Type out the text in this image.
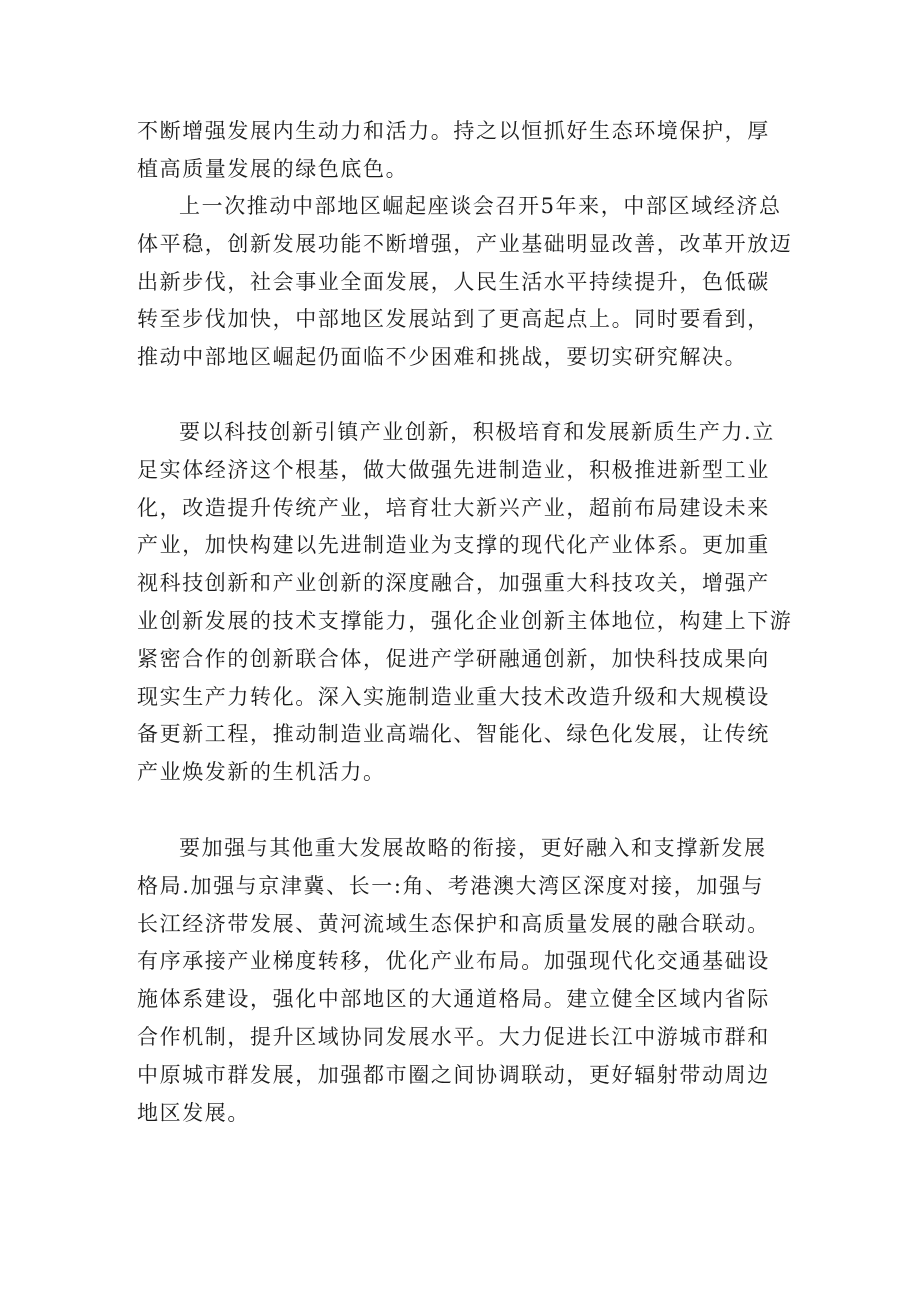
不断增强发展内生动力和活力。持之以恒抓好生态环境保护，厚
植高质量发展的绿色底色。
上一次推动中部地区崛起座谈会召开5年来，中部区域经济总
体平稳，创新发展功能不断增强，产业基础明显改善，改革开放迈
出新步伐，社会事业全面发展，人民生活水平持续提升，色低碳
转至步伐加快，中部地区发展站到了更高起点上。同时要看到，
推动中部地区崛起仍面临不少困难和挑战，要切实研究解决。
要以科技创新引镇产业创新，积极培育和发展新质生产力.立
足实体经济这个根基，做大做强先进制造业，积极推进新型工业
化，改造提升传统产业，培育壮大新兴产业，超前布局建设未来
产业，加快构建以先进制造业为支撑的现代化产业体系。更加重
视科技创新和产业创新的深度融合，加强重大科技攻关，增强产
业创新发展的技术支撑能力，强化企业创新主体地位，构建上下游
紧密合作的创新联合体，促进产学研融通创新，加快科技成果向
现实生产力转化。深入实施制造业重大技术改造升级和大规模设
备更新工程，推动制造业高端化、智能化、绿色化发展，让传统
产业焕发新的生机活力。
要加强与其他重大发展故略的衔接，更好融入和支撑新发展
格局.加强与京津冀、长一:角、考港澳大湾区深度对接，加强与
长江经济带发展、黄河流域生态保护和高质量发展的融合联动。
有序承接产业梯度转移，优化产业布局。加强现代化交通基础设
施体系建设，强化中部地区的大通道格局。建立健全区域内省际
合作机制，提升区域协同发展水平。大力促进长江中游城市群和
中原城市群发展，加强都市圈之间协调联动，更好辐射带动周边
地区发展。
